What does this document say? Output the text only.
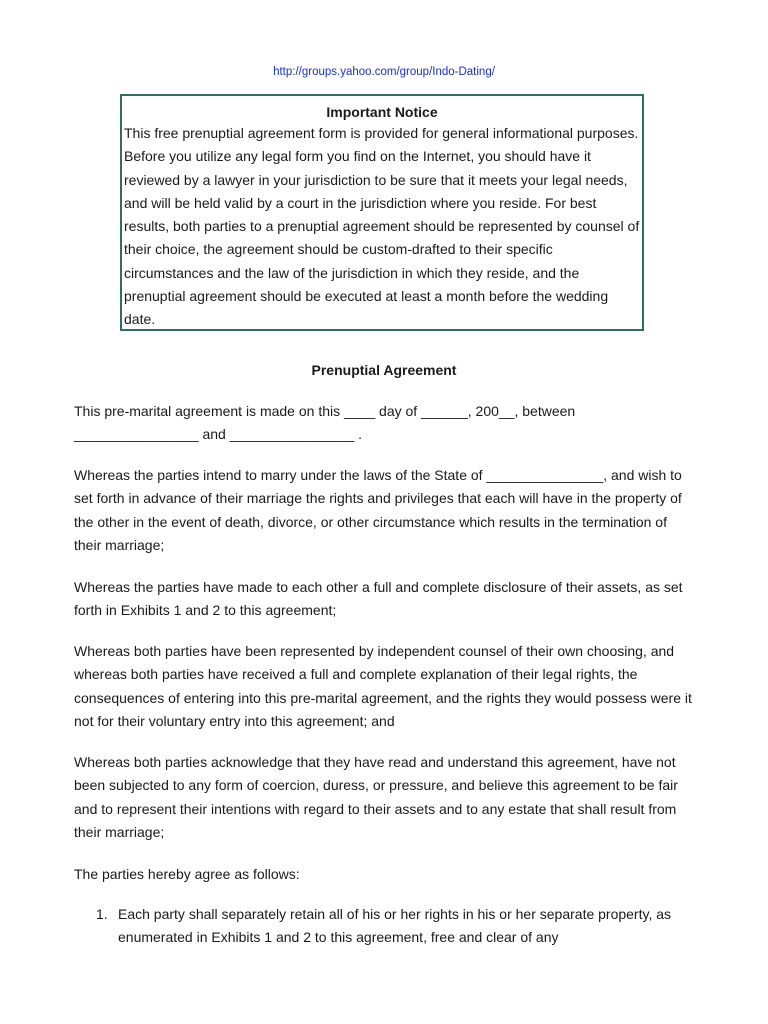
http://groups.yahoo.com/group/Indo-Dating/

Important Notice

This free prenuptial agreement form is provided for general informational purposes. Before you utilize any legal form you find on the Internet, you should have it reviewed by a lawyer in your jurisdiction to be sure that it meets your legal needs, and will be held valid by a court in the jurisdiction where you reside. For best results, both parties to a prenuptial agreement should be represented by counsel of their choice, the agreement should be custom-drafted to their specific circumstances and the law of the jurisdiction in which they reside, and the prenuptial agreement should be executed at least a month before the wedding date.

Prenuptial Agreement

This pre-marital agreement is made on this ____ day of ______, 200__, between ________________ and ________________ .

Whereas the parties intend to marry under the laws of the State of _______________, and wish to set forth in advance of their marriage the rights and privileges that each will have in the property of the other in the event of death, divorce, or other circumstance which results in the termination of their marriage;

Whereas the parties have made to each other a full and complete disclosure of their assets, as set forth in Exhibits 1 and 2 to this agreement;

Whereas both parties have been represented by independent counsel of their own choosing, and whereas both parties have received a full and complete explanation of their legal rights, the consequences of entering into this pre-marital agreement, and the rights they would possess were it not for their voluntary entry into this agreement; and

Whereas both parties acknowledge that they have read and understand this agreement, have not been subjected to any form of coercion, duress, or pressure, and believe this agreement to be fair and to represent their intentions with regard to their assets and to any estate that shall result from their marriage;

The parties hereby agree as follows:

1. Each party shall separately retain all of his or her rights in his or her separate property, as enumerated in Exhibits 1 and 2 to this agreement, free and clear of any
